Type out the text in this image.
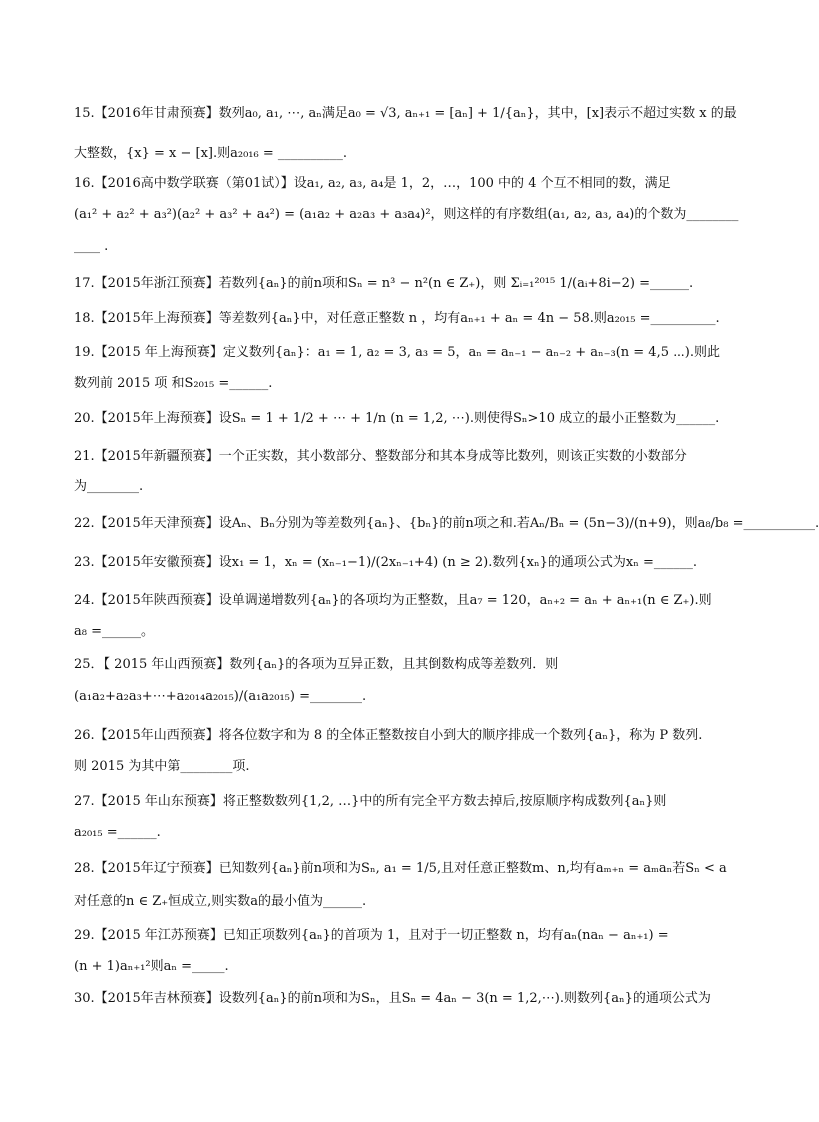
15.【2016年甘肃预赛】数列a₀, a₁, ⋯, aₙ满足a₀ = √3, aₙ₊₁ = [aₙ] + 1/{aₙ}，其中，[x]表示不超过实数 x 的最
大整数，{x} = x − [x].则a₂₀₁₆ = __________.
16.【2016高中数学联赛（第01试）】设a₁, a₂, a₃, a₄是 1，2，…，100 中的 4 个互不相同的数，满足
(a₁² + a₂² + a₃²)(a₂² + a₃² + a₄²) = (a₁a₂ + a₂a₃ + a₃a₄)²，则这样的有序数组(a₁, a₂, a₃, a₄)的个数为________
____ .
17.【2015年浙江预赛】若数列{aₙ}的前n项和Sₙ = n³ − n²(n ∈ Z₊)，则 Σᵢ₌₁²⁰¹⁵ 1/(aᵢ+8i−2) =______.
18.【2015年上海预赛】等差数列{aₙ}中，对任意正整数 n ，均有aₙ₊₁ + aₙ = 4n − 58.则a₂₀₁₅ =__________.
19.【2015 年上海预赛】定义数列{aₙ}：a₁ = 1, a₂ = 3, a₃ = 5，aₙ = aₙ₋₁ − aₙ₋₂ + aₙ₋₃(n = 4,5 ⋯).则此
数列前 2015 项 和S₂₀₁₅ =______.
20.【2015年上海预赛】设Sₙ = 1 + 1/2 + ⋯ + 1/n (n = 1,2, ⋯).则使得Sₙ>10 成立的最小正整数为______.
21.【2015年新疆预赛】一个正实数，其小数部分、整数部分和其本身成等比数列，则该正实数的小数部分
为________.
22.【2015年天津预赛】设Aₙ、Bₙ分别为等差数列{aₙ}、{bₙ}的前n项之和.若Aₙ/Bₙ = (5n−3)/(n+9)，则a₈/b₈ =___________.
23.【2015年安徽预赛】设x₁ = 1，xₙ = (xₙ₋₁−1)/(2xₙ₋₁+4) (n ≥ 2).数列{xₙ}的通项公式为xₙ =______.
24.【2015年陕西预赛】设单调递增数列{aₙ}的各项均为正整数，且a₇ = 120，aₙ₊₂ = aₙ + aₙ₊₁(n ∈ Z₊).则
a₈ =______。
25．【 2015 年山西预赛】数列{aₙ}的各项为互异正数，且其倒数构成等差数列．则
(a₁a₂+a₂a₃+⋯+a₂₀₁₄a₂₀₁₅)/(a₁a₂₀₁₅) =________.
26.【2015年山西预赛】将各位数字和为 8 的全体正整数按自小到大的顺序排成一个数列{aₙ}，称为 P 数列.
则 2015 为其中第________项.
27.【2015 年山东预赛】将正整数数列{1,2, …}中的所有完全平方数去掉后,按原顺序构成数列{aₙ}则
a₂₀₁₅ =______.
28.【2015年辽宁预赛】已知数列{aₙ}前n项和为Sₙ, a₁ = 1/5,且对任意正整数m、n,均有aₘ₊ₙ = aₘaₙ若Sₙ < a
对任意的n ∈ Z₊恒成立,则实数a的最小值为______.
29.【2015 年江苏预赛】已知正项数列{aₙ}的首项为 1，且对于一切正整数 n，均有aₙ(naₙ − aₙ₊₁) =
(n + 1)aₙ₊₁²则aₙ =_____.
30.【2015年吉林预赛】设数列{aₙ}的前n项和为Sₙ，且Sₙ = 4aₙ − 3(n = 1,2,⋯).则数列{aₙ}的通项公式为
